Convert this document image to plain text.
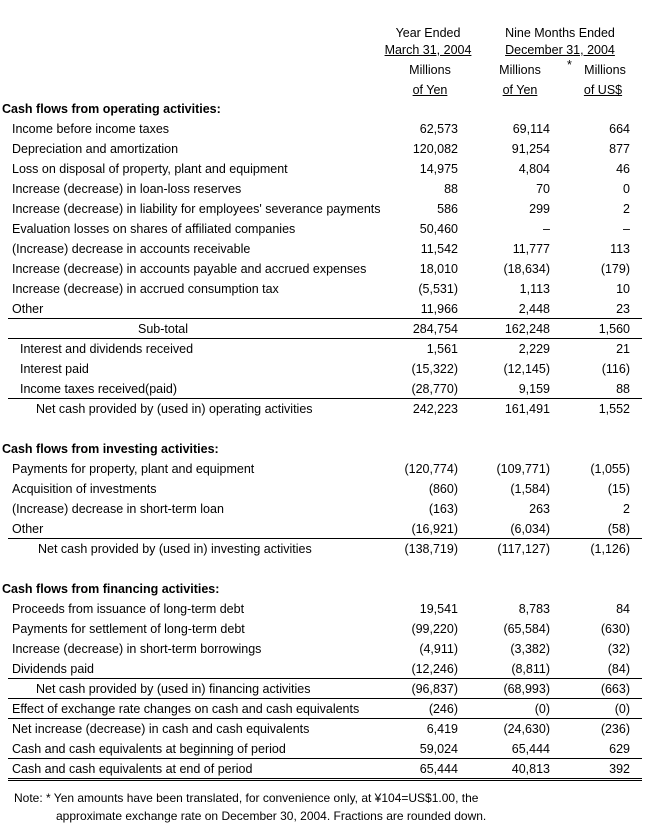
Year Ended
March 31, 2004
Nine Months Ended
December 31, 2004
Millions
of Yen
Millions
of Yen
* Millions
of US$
Cash flows from operating activities:
Cash flows from investing activities:
Cash flows from financing activities:
Income before income taxes	62,573	69,114	664
Depreciation and amortization	120,082	91,254	877
Loss on disposal of property, plant and equipment	14,975	4,804	46
Increase (decrease) in loan-loss reserves	88	70	0
Increase (decrease) in liability for employees' severance payments	586	299	2
Evaluation losses on shares of affiliated companies	50,460	–	–
(Increase) decrease in accounts receivable	11,542	11,777	113
Increase (decrease) in accounts payable and accrued expenses	18,010	(18,634)	(179)
Increase (decrease) in accrued consumption tax	(5,531)	1,113	10
Other	11,966	2,448	23
Sub-total	284,754	162,248	1,560
Interest and dividends received	1,561	2,229	21
Interest paid	(15,322)	(12,145)	(116)
Income taxes received(paid)	(28,770)	9,159	88
Net cash provided by (used in) operating activities	242,223	161,491	1,552
Payments for property, plant and equipment	(120,774)	(109,771)	(1,055)
Acquisition of investments	(860)	(1,584)	(15)
(Increase) decrease in short-term loan	(163)	263	2
Other	(16,921)	(6,034)	(58)
Net cash provided by (used in) investing activities	(138,719)	(117,127)	(1,126)
Proceeds from issuance of long-term debt	19,541	8,783	84
Payments for settlement of long-term debt	(99,220)	(65,584)	(630)
Increase (decrease) in short-term borrowings	(4,911)	(3,382)	(32)
Dividends paid	(12,246)	(8,811)	(84)
Net cash provided by (used in) financing activities	(96,837)	(68,993)	(663)
Effect of exchange rate changes on cash and cash equivalents	(246)	(0)	(0)
Net increase (decrease) in cash and cash equivalents	6,419	(24,630)	(236)
Cash and cash equivalents at beginning of period	59,024	65,444	629
Cash and cash equivalents at end of period	65,444	40,813	392
Note: * Yen amounts have been translated, for convenience only, at ¥104=US$1.00, the
approximate exchange rate on December 30, 2004. Fractions are rounded down.
